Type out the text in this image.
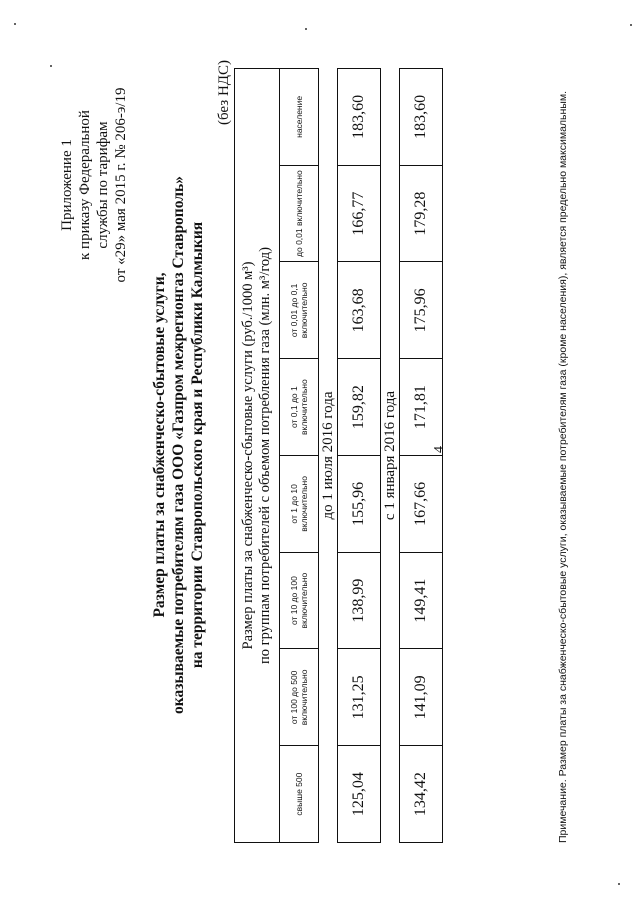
Приложение 1 к приказу Федеральной службы по тарифам от «29» мая 2015 г. № 206-э/19
Размер платы за снабженческо-сбытовые услуги, оказываемые потребителям газа ООО «Газпром межрегионгаз Ставрополь» на территории Ставропольского края и Республики Калмыкия
(без НДС)
Размер платы за снабженческо-сбытовые услуги (руб./1000 м³) по группам потребителей с объемом потребления газа (млн. м³/год)							

свыше 500	от 100 до 500 включительно	от 10 до 100 включительно	от 1 до 10 включительно	от 0,1 до 1 включительно	от 0,01 до 0,1 включительно	до 0,01 включительно	население
до 1 июля 2016 года							
125,04	131,25	138,99	155,96	159,82	163,68	166,77	183,60
с 1 января 2016 года							
134,42	141,09	149,41	167,66	171,81	175,96	179,28	183,60
4	Примечание. Размер платы за снабженческо-сбытовые услуги, оказываемые потребителям газа (кроме населения), является предельно максимальным.
